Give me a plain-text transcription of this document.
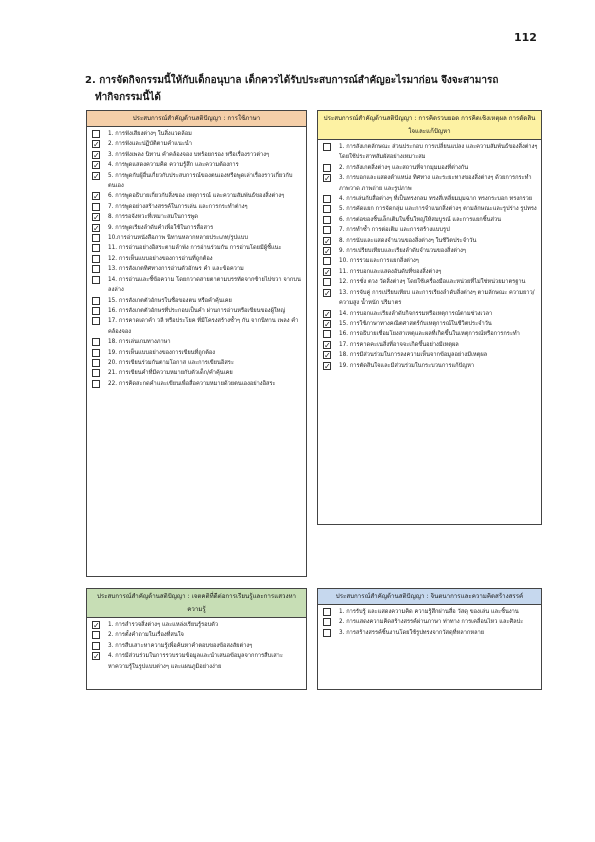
112
2. การจัดกิจกรรมนี้ให้กับเด็กอนุบาล เด็กควรได้รับประสบการณ์สำคัญอะไรมาก่อน จึงจะสามารถ
ทำกิจกรรมนี้ได้
ประสบการณ์สำคัญด้านสติปัญญา : การใช้ภาษา
1. การฟังเสียงต่างๆ ในสิ่งแวดล้อม
✓ 2. การฟังและปฏิบัติตามคำแนะนำ
✓ 3. การฟังเพลง นิทาน คำคล้องจอง บทร้อยกรอง หรือเรื่องราวต่างๆ
✓ 4. การพูดแสดงความคิด ความรู้สึก และความต้องการ
✓ 5. การพูดกับผู้อื่นเกี่ยวกับประสบการณ์ของตนเองหรือพูดเล่าเรื่องราวเกี่ยวกับตนเอง
✓ 6. การพูดอธิบายเกี่ยวกับสิ่งของ เหตุการณ์ และความสัมพันธ์ของสิ่งต่างๆ
7. การพูดอย่างสร้างสรรค์ในการเล่น และการกระทำต่างๆ
✓ 8. การรอจังหวะที่เหมาะสมในการพูด
✓ 9. การพูดเรียงลำดับคำเพื่อใช้ในการสื่อสาร
10.การอ่านหนังสือภาพ นิทานหลากหลายประเภท/รูปแบบ
11. การอ่านอย่างอิสระตามลำพัง การอ่านร่วมกัน การอ่านโดยมีผู้ชี้แนะ
12. การเห็นแบบอย่างของการอ่านที่ถูกต้อง
13. การสังเกตทิศทางการอ่านตัวอักษร คำ และข้อความ
14. การอ่านและชี้ข้อความ โดยกวาดสายตาตามบรรทัดจากซ้ายไปขวา จากบนลงล่าง
15. การสังเกตตัวอักษรในชื่อของตน หรือคำคุ้นเคย
16. การสังเกตตัวอักษรที่ประกอบเป็นคำ ผ่านการอ่านหรือเขียนของผู้ใหญ่
17. การคาดเดาคำ วลี หรือประโยค ที่มีโครงสร้างซ้ำๆ กัน จากนิทาน เพลง คำคล้องจอง
18. การเล่นเกมทางภาษา
19. การเห็นแบบอย่างของการเขียนที่ถูกต้อง
20. การเขียนร่วมกันตามโอกาส และการเขียนอิสระ
21. การเขียนคำที่มีความหมายกับตัวเด็ก/คำคุ้นเคย
22. การคิดสะกดคำและเขียนเพื่อสื่อความหมายด้วยตนเองอย่างอิสระ
ประสบการณ์สำคัญด้านสติปัญญา : การคิดรวบยอด การคิดเชิงเหตุผล การตัดสินใจและแก้ปัญหา
1. การสังเกตลักษณะ ส่วนประกอบ การเปลี่ยนแปลง และความสัมพันธ์ของสิ่งต่างๆ โดยใช้ประสาทสัมผัสอย่างเหมาะสม
2. การสังเกตสิ่งต่างๆ และสถานที่จากมุมมองที่ต่างกัน
✓ 3. การบอกและแสดงตำแหน่ง ทิศทาง และระยะทางของสิ่งต่างๆ ด้วยการกระทำ ภาพวาด ภาพถ่าย และรูปภาพ
4. การเล่นกับสื่อต่างๆ ที่เป็นทรงกลม ทรงสี่เหลี่ยมมุมฉาก ทรงกระบอก ทรงกรวย
5. การคัดแยก การจัดกลุ่ม และการจำแนกสิ่งต่างๆ ตามลักษณะและรูปร่าง รูปทรง
6. การต่อของชิ้นเล็กเติมในชิ้นใหญ่ให้สมบูรณ์ และการแยกชิ้นส่วน
7. การทำซ้ำ การต่อเติม และการสร้างแบบรูป
✓ 8. การนับและแสดงจำนวนของสิ่งต่างๆ ในชีวิตประจำวัน
✓ 9. การเปรียบเทียบและเรียงลำดับจำนวนของสิ่งต่างๆ
10. การรวมและการแยกสิ่งต่างๆ
✓ 11. การบอกและแสดงอันดับที่ของสิ่งต่างๆ
12. การชั่ง ตวง วัดสิ่งต่างๆ โดยใช้เครื่องมือและหน่วยที่ไม่ใช่หน่วยมาตรฐาน
✓ 13. การจับคู่ การเปรียบเทียบ และการเรียงลำดับสิ่งต่างๆ ตามลักษณะ ความยาว/ความสูง น้ำหนัก ปริมาตร
✓ 14. การบอกและเรียงลำดับกิจกรรมหรือเหตุการณ์ตามช่วงเวลา
✓ 15. การใช้ภาษาทางคณิตศาสตร์กับเหตุการณ์ในชีวิตประจำวัน
16. การอธิบายเชื่อมโยงสาเหตุและผลที่เกิดขึ้นในเหตุการณ์หรือการกระทำ
✓ 17. การคาดคะเนสิ่งที่อาจจะเกิดขึ้นอย่างมีเหตุผล
✓ 18. การมีส่วนร่วมในการลงความเห็นจากข้อมูลอย่างมีเหตุผล
✓ 19. การตัดสินใจและมีส่วนร่วมในกระบวนการแก้ปัญหา
ประสบการณ์สำคัญด้านสติปัญญา : เจตคติที่ดีต่อการเรียนรู้และการแสวงหาความรู้
✓ 1. การสำรวจสิ่งต่างๆ และแหล่งเรียนรู้รอบตัว
2. การตั้งคำถามในเรื่องที่สนใจ
3. การสืบเสาะหาความรู้เพื่อค้นหาคำตอบของข้อสงสัยต่างๆ
✓ 4. การมีส่วนร่วมในการรวบรวมข้อมูลและนำเสนอข้อมูลจากการสืบเสาะหาความรู้ในรูปแบบต่างๆ และแผนภูมิอย่างง่าย
ประสบการณ์สำคัญด้านสติปัญญา : จินตนาการและความคิดสร้างสรรค์
1. การรับรู้ และแสดงความคิด ความรู้สึกผ่านสื่อ วัสดุ ของเล่น และชิ้นงาน
2. การแสดงความคิดสร้างสรรค์ผ่านภาษา ท่าทาง การเคลื่อนไหว และศิลปะ
3. การสร้างสรรค์ชิ้นงานโดยใช้รูปทรงจากวัสดุที่หลากหลาย
